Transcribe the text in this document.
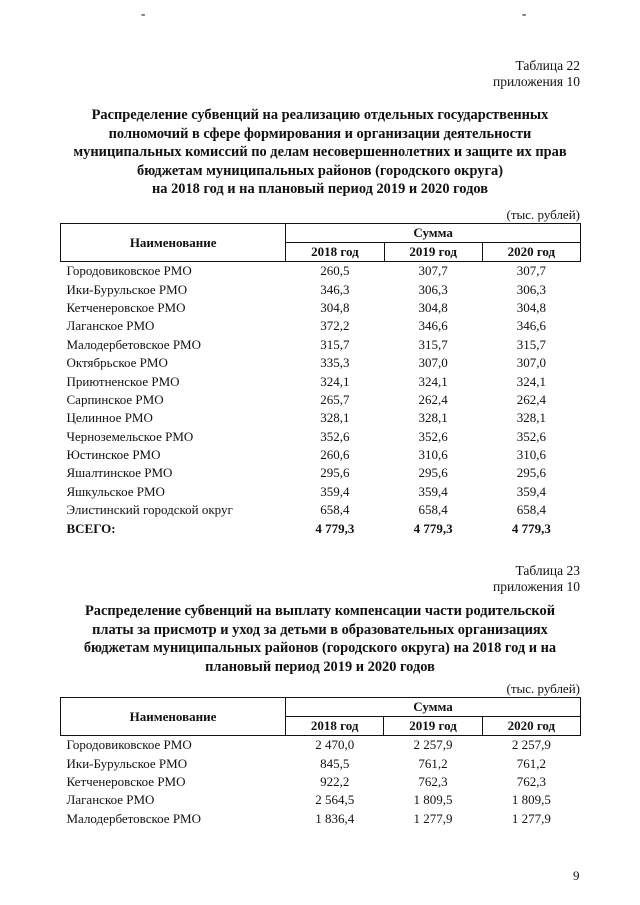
-	-
Таблица 22
приложения 10
Распределение субвенций на реализацию отдельных государственных
полномочий в сфере формирования и организации деятельности
муниципальных комиссий по делам несовершеннолетних и защите их прав
бюджетам муниципальных районов (городского округа)
на 2018 год и на плановый период 2019 и 2020 годов
(тыс. рублей)
Наименование	Сумма		
	2018 год	2019 год	2020 год
Городовиковское РМО	260,5	307,7	307,7
Ики-Бурульское РМО	346,3	306,3	306,3
Кетченеровское РМО	304,8	304,8	304,8
Лаганское РМО	372,2	346,6	346,6
Малодербетовское РМО	315,7	315,7	315,7
Октябрьское РМО	335,3	307,0	307,0
Приютненское РМО	324,1	324,1	324,1
Сарпинское РМО	265,7	262,4	262,4
Целинное РМО	328,1	328,1	328,1
Черноземельское РМО	352,6	352,6	352,6
Юстинское РМО	260,6	310,6	310,6
Яшалтинское РМО	295,6	295,6	295,6
Яшкульское РМО	359,4	359,4	359,4
Элистинский городской округ	658,4	658,4	658,4
ВСЕГО:	4 779,3	4 779,3	4 779,3
Таблица 23
приложения 10
Распределение субвенций на выплату компенсации части родительской
платы за присмотр и уход за детьми в образовательных организациях
бюджетам муниципальных районов (городского округа) на 2018 год и на
плановый период 2019 и 2020 годов
(тыс. рублей)
Наименование	Сумма		
	2018 год	2019 год	2020 год
Городовиковское РМО	2 470,0	2 257,9	2 257,9
Ики-Бурульское РМО	845,5	761,2	761,2
Кетченеровское РМО	922,2	762,3	762,3
Лаганское РМО	2 564,5	1 809,5	1 809,5
Малодербетовское РМО	1 836,4	1 277,9	1 277,9
9
